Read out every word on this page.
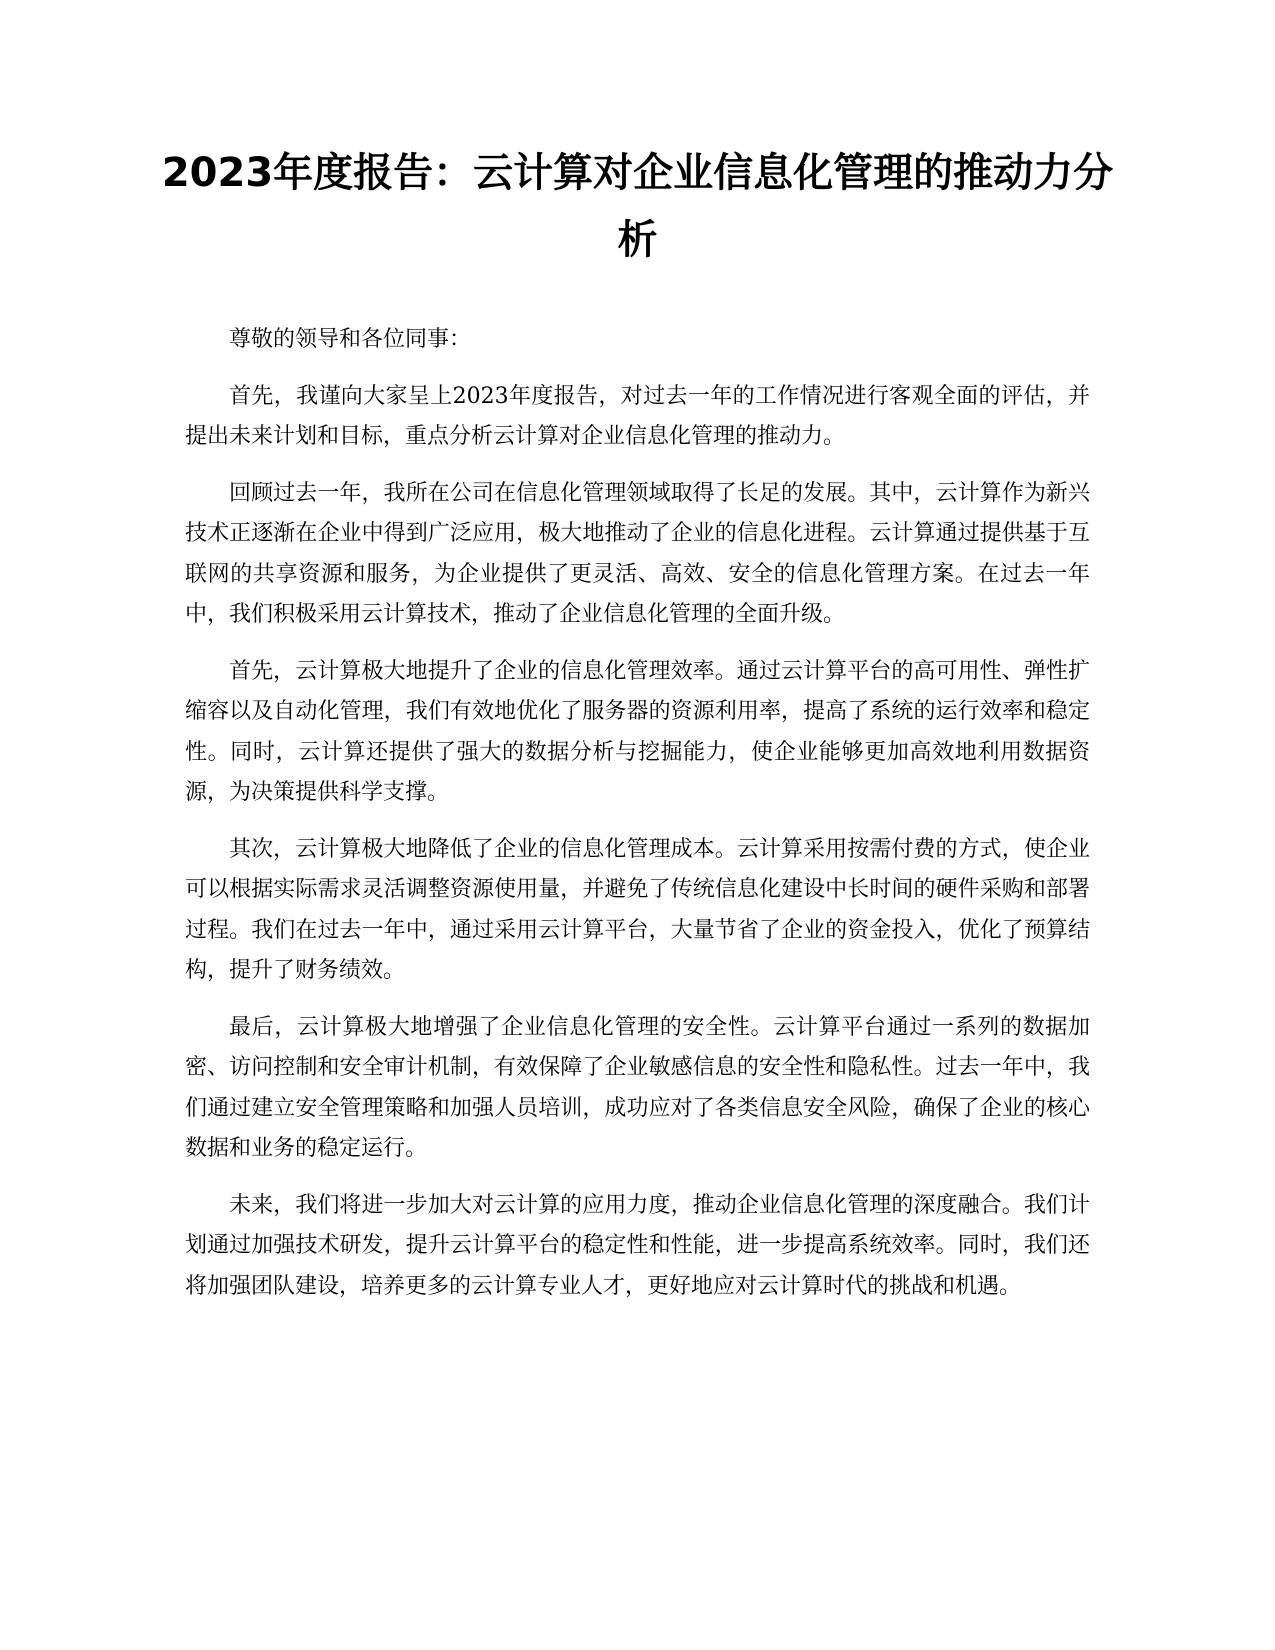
2023年度报告：云计算对企业信息化管理的推动力分析

尊敬的领导和各位同事：

首先，我谨向大家呈上2023年度报告，对过去一年的工作情况进行客观全面的评估，并提出未来计划和目标，重点分析云计算对企业信息化管理的推动力。

回顾过去一年，我所在公司在信息化管理领域取得了长足的发展。其中，云计算作为新兴技术正逐渐在企业中得到广泛应用，极大地推动了企业的信息化进程。云计算通过提供基于互联网的共享资源和服务，为企业提供了更灵活、高效、安全的信息化管理方案。在过去一年中，我们积极采用云计算技术，推动了企业信息化管理的全面升级。

首先，云计算极大地提升了企业的信息化管理效率。通过云计算平台的高可用性、弹性扩缩容以及自动化管理，我们有效地优化了服务器的资源利用率，提高了系统的运行效率和稳定性。同时，云计算还提供了强大的数据分析与挖掘能力，使企业能够更加高效地利用数据资源，为决策提供科学支撑。

其次，云计算极大地降低了企业的信息化管理成本。云计算采用按需付费的方式，使企业可以根据实际需求灵活调整资源使用量，并避免了传统信息化建设中长时间的硬件采购和部署过程。我们在过去一年中，通过采用云计算平台，大量节省了企业的资金投入，优化了预算结构，提升了财务绩效。

最后，云计算极大地增强了企业信息化管理的安全性。云计算平台通过一系列的数据加密、访问控制和安全审计机制，有效保障了企业敏感信息的安全性和隐私性。过去一年中，我们通过建立安全管理策略和加强人员培训，成功应对了各类信息安全风险，确保了企业的核心数据和业务的稳定运行。

未来，我们将进一步加大对云计算的应用力度，推动企业信息化管理的深度融合。我们计划通过加强技术研发，提升云计算平台的稳定性和性能，进一步提高系统效率。同时，我们还将加强团队建设，培养更多的云计算专业人才，更好地应对云计算时代的挑战和机遇。
